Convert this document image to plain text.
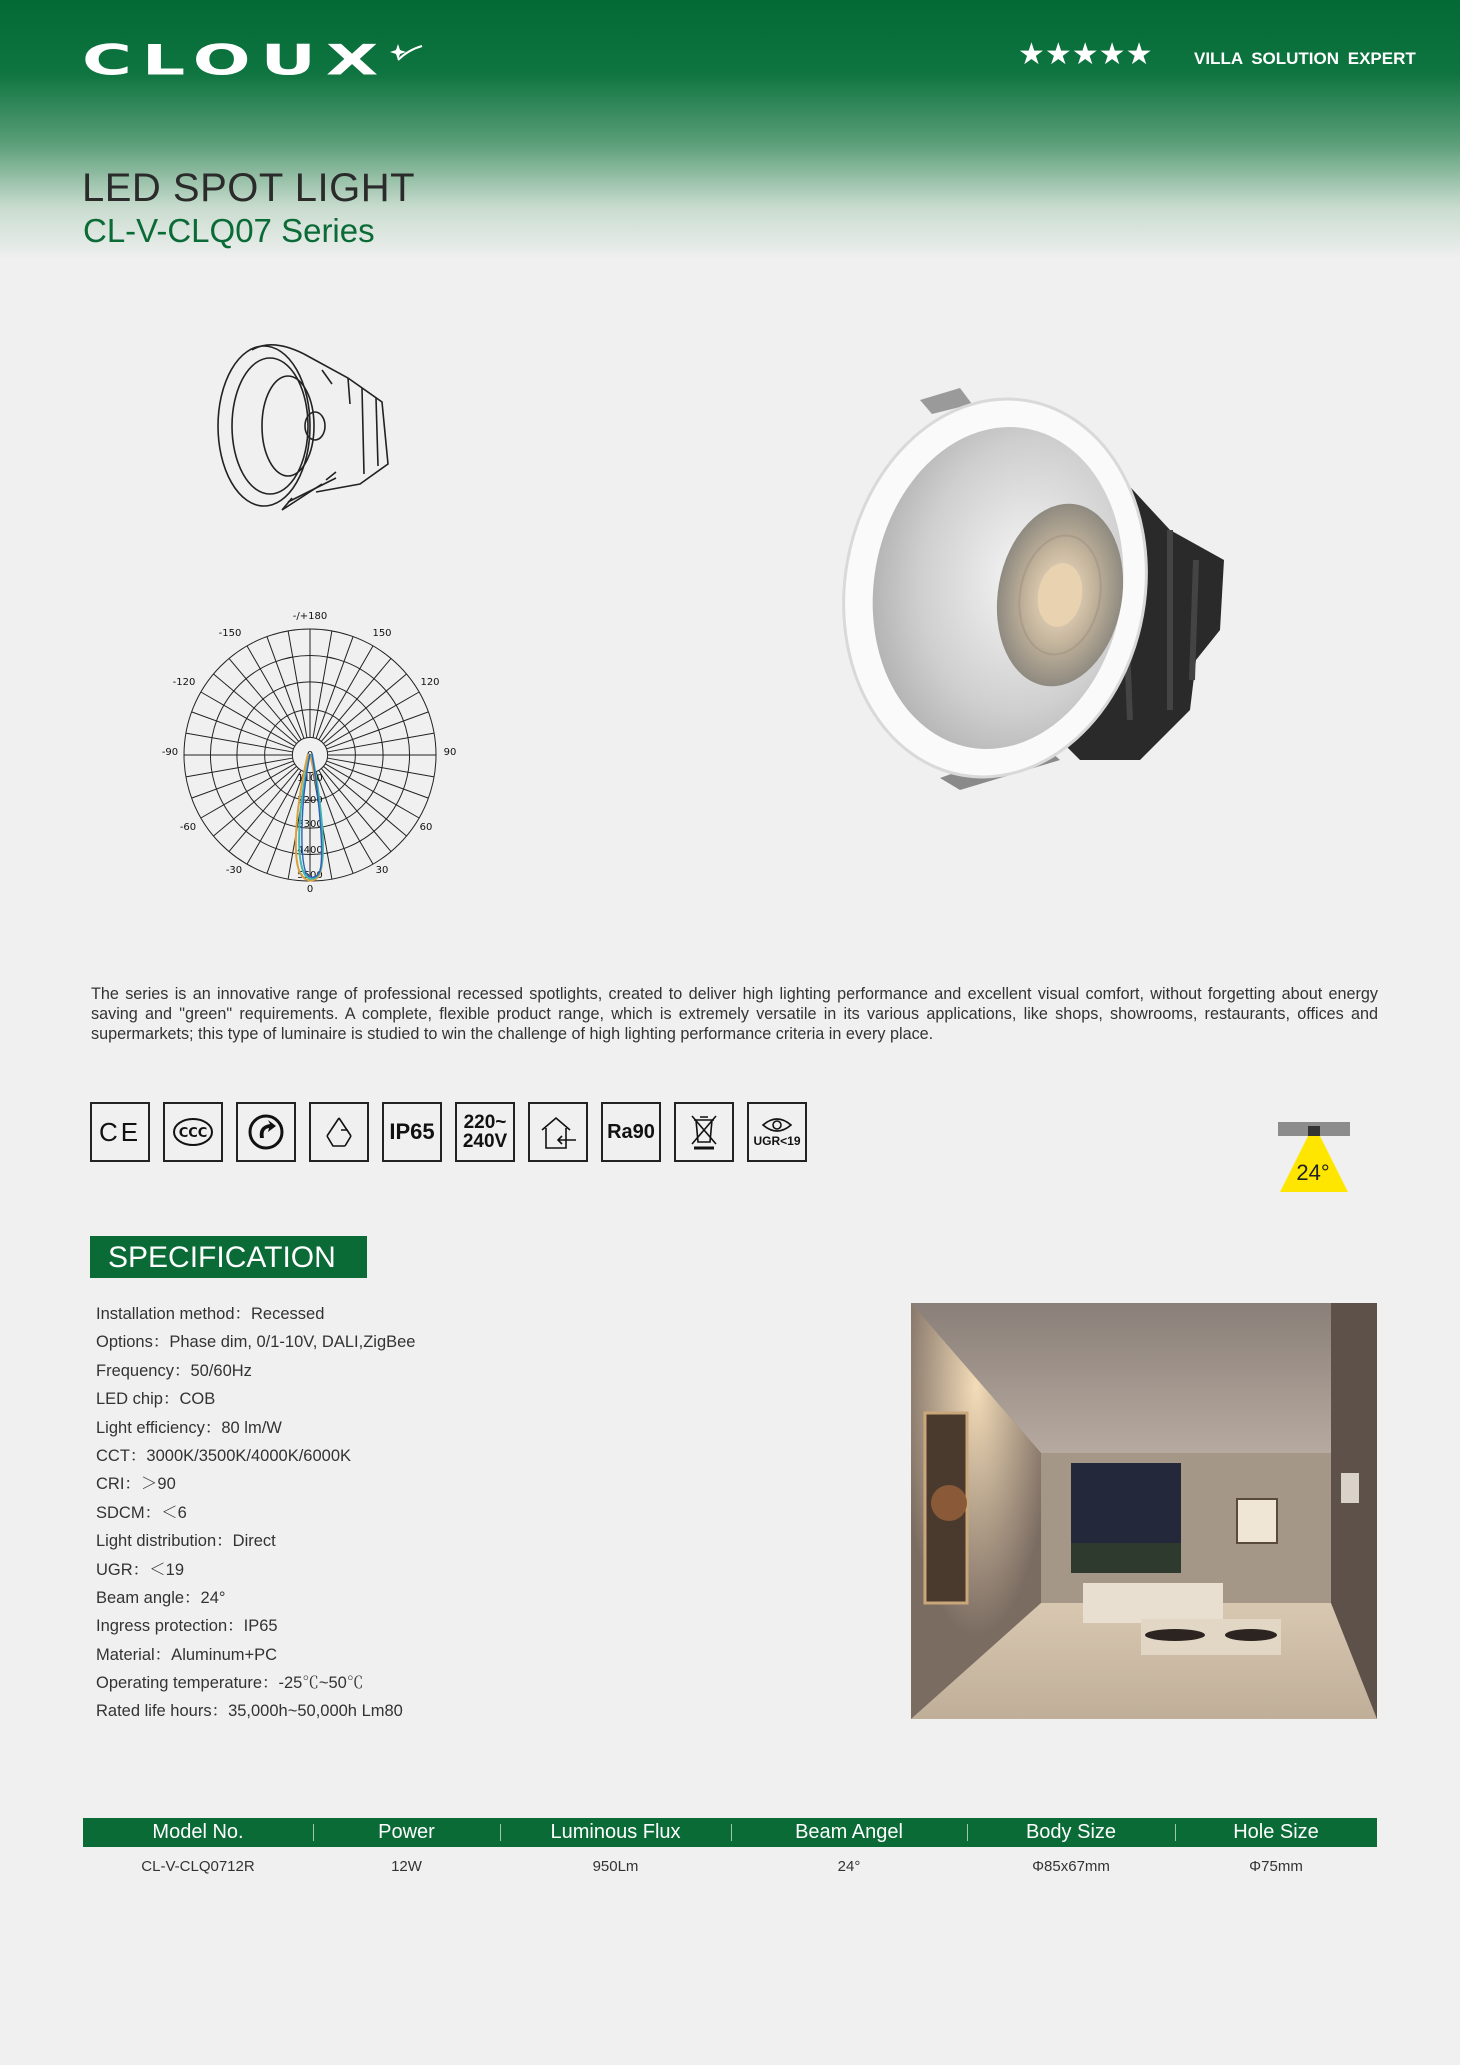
CLOUX	★★★★★ VILLA SOLUTION EXPERT
LED SPOT LIGHT
CL-V-CLQ07 Series
-/+180
-150	150
-120	120
-90	90
-60	60
-30	30
0
0
1100
2200
3300
4400
5500

The series is an innovative range of professional recessed spotlights, created to deliver high lighting performance and excellent visual comfort, without forgetting about energy saving and "green" requirements. A complete, flexible product range, which is extremely versatile in its various applications, like shops, showrooms, restaurants, offices and supermarkets; this type of luminaire is studied to win the challenge of high lighting performance criteria in every place.

CE	CCC	IP65 220~
240V	Ra90	UGR<19
24°
SPECIFICATION
Installation method：Recessed
Options：Phase dim, 0/1-10V, DALI,ZigBee
Frequency：50/60Hz
LED chip：COB
Light efficiency：80 lm/W
CCT：3000K/3500K/4000K/6000K
CRI：＞90
SDCM：＜6
Light distribution：Direct
UGR：＜19
Beam angle：24°
Ingress protection：IP65
Material：Aluminum+PC
Operating temperature：-25℃~50℃
Rated life hours：35,000h~50,000h Lm80
Model No.	Power	Luminous Flux	Beam Angel	Body Size	Hole Size
CL-V-CLQ0712R	12W	950Lm	24°	Φ85x67mm	Φ75mm
